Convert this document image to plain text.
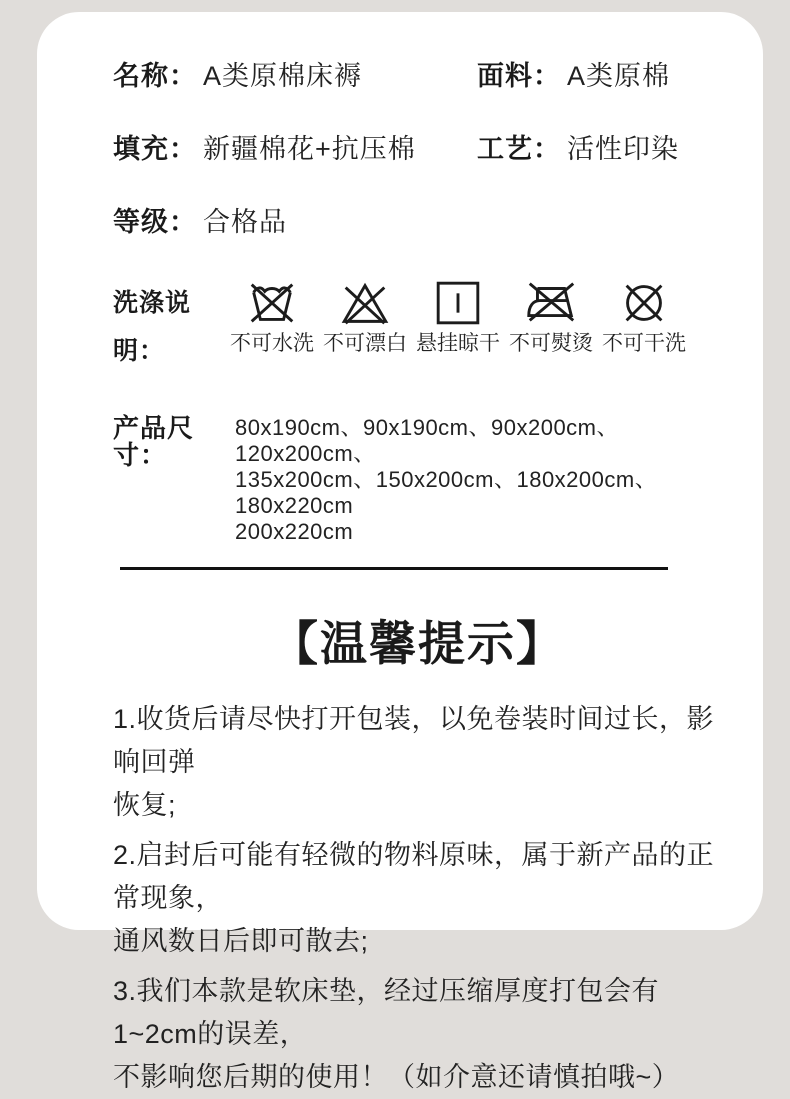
名称： A类原棉床褥	面料： A类原棉
填充： 新疆棉花+抗压棉 工艺： 活性印染
等级： 合格品
洗涤说明：	不可水洗 不可漂白 悬挂晾干 不可熨烫 不可干洗
产品尺寸：
80x190cm、90x190cm、90x200cm、120x200cm、
135x200cm、150x200cm、180x200cm、180x220cm
200x220cm
【温馨提示】

1.收货后请尽快打开包装，以免卷装时间过长，影响回弹
恢复;

2.启封后可能有轻微的物料原味，属于新产品的正常现象，
通风数日后即可散去;

3.我们本款是软床垫，经过压缩厚度打包会有1~2cm的误差，
不影响您后期的使用！（如介意还请慎拍哦~）
